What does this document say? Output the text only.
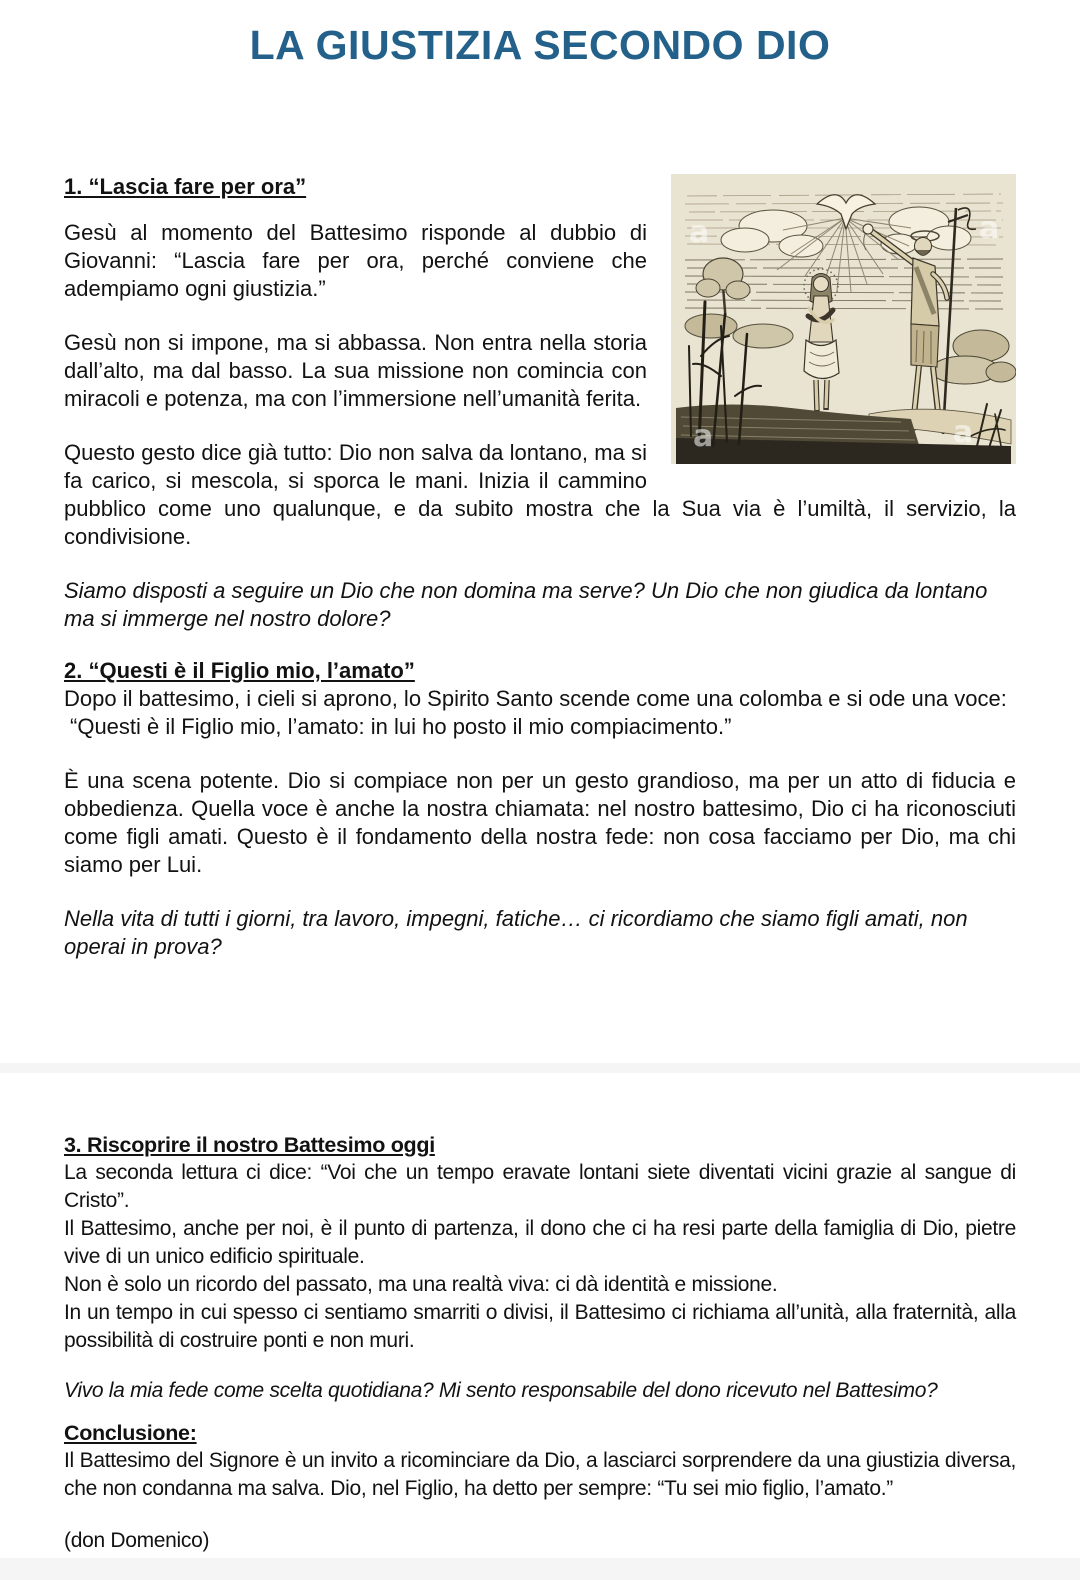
LA GIUSTIZIA SECONDO DIO
a	a
a	a
1. “Lascia fare per ora”

Gesù al momento del Battesimo risponde al dubbio di Giovanni: “Lascia fare per ora, perché conviene che adempiamo ogni giustizia.”

Gesù non si impone, ma si abbassa. Non entra nella storia dall’alto, ma dal basso. La sua missione non comincia con miracoli e potenza, ma con l’immersione nell’umanità ferita.

Questo gesto dice già tutto: Dio non salva da lontano, ma si fa carico, si mescola, si sporca le mani. Inizia il cammino pubblico come uno qualunque, e da subito mostra che la Sua via è l’umiltà, il servizio, la condivisione.

Siamo disposti a seguire un Dio che non domina ma serve? Un Dio che non giudica da lontano ma si immerge nel nostro dolore?

2. “Questi è il Figlio mio, l’amato”

Dopo il battesimo, i cieli si aprono, lo Spirito Santo scende come una colomba e si ode una voce:
“Questi è il Figlio mio, l’amato: in lui ho posto il mio compiacimento.”

È una scena potente. Dio si compiace non per un gesto grandioso, ma per un atto di fiducia e obbedienza. Quella voce è anche la nostra chiamata: nel nostro battesimo, Dio ci ha riconosciuti come figli amati. Questo è il fondamento della nostra fede: non cosa facciamo per Dio, ma chi siamo per Lui.

Nella vita di tutti i giorni, tra lavoro, impegni, fatiche… ci ricordiamo che siamo figli amati, non operai in prova?

3. Riscoprire il nostro Battesimo oggi

La seconda lettura ci dice: “Voi che un tempo eravate lontani siete diventati vicini grazie al sangue di Cristo”.

Il Battesimo, anche per noi, è il punto di partenza, il dono che ci ha resi parte della famiglia di Dio, pietre vive di un unico edificio spirituale.

Non è solo un ricordo del passato, ma una realtà viva: ci dà identità e missione.

In un tempo in cui spesso ci sentiamo smarriti o divisi, il Battesimo ci richiama all’unità, alla fraternità, alla possibilità di costruire ponti e non muri.

Vivo la mia fede come scelta quotidiana? Mi sento responsabile del dono ricevuto nel Battesimo?

Conclusione:

Il Battesimo del Signore è un invito a ricominciare da Dio, a lasciarci sorprendere da una giustizia diversa, che non condanna ma salva. Dio, nel Figlio, ha detto per sempre: “Tu sei mio figlio, l’amato.”

(don Domenico)
